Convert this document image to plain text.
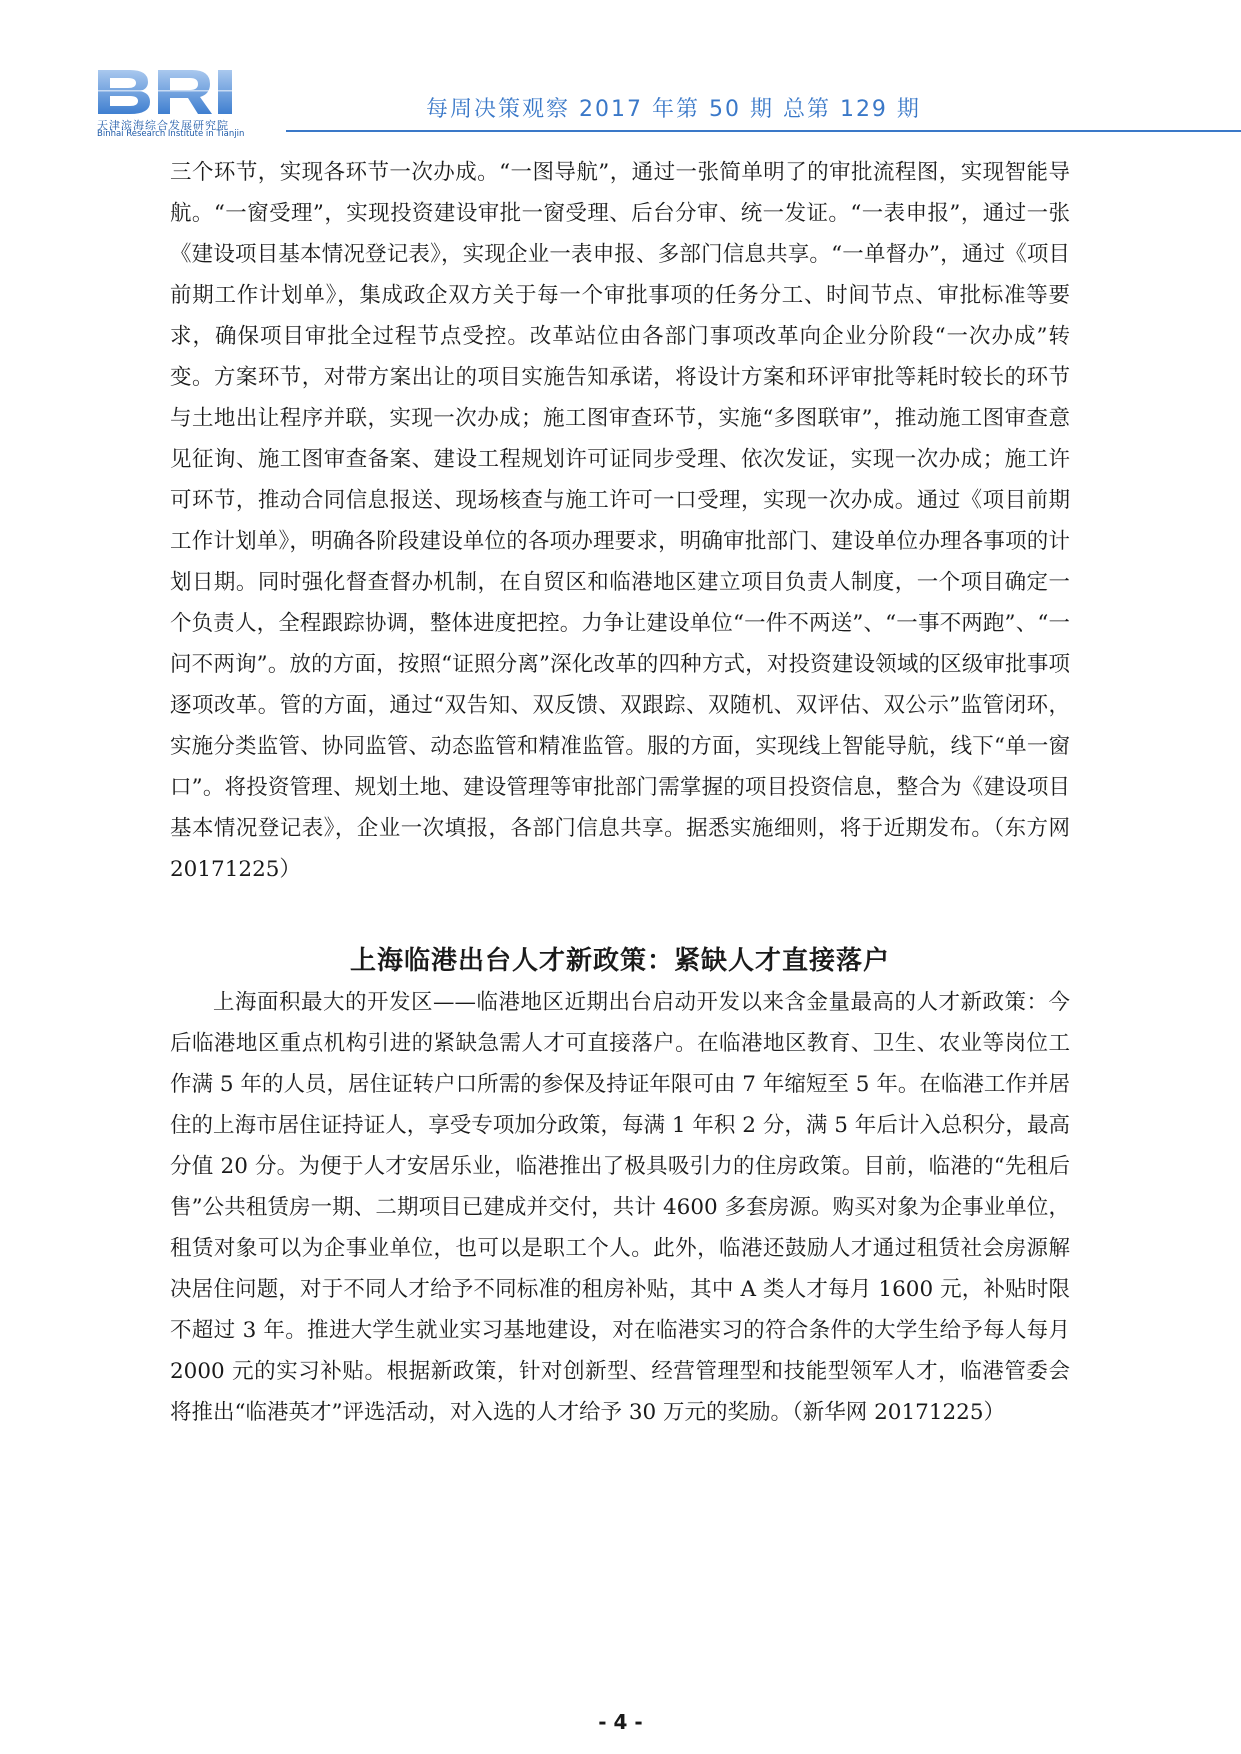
天津滨海综合发展研究院
Binhai Research Institute in Tianjin
每周决策观察 2017 年第 50 期 总第 129 期

三个环节，实现各环节一次办成。“一图导航”，通过一张简单明了的审批流程图，实现智能导航。“一窗受理”，实现投资建设审批一窗受理、后台分审、统一发证。“一表申报”，通过一张《建设项目基本情况登记表》，实现企业一表申报、多部门信息共享。“一单督办”，通过《项目前期工作计划单》，集成政企双方关于每一个审批事项的任务分工、时间节点、审批标准等要求，确保项目审批全过程节点受控。改革站位由各部门事项改革向企业分阶段“一次办成”转变。方案环节，对带方案出让的项目实施告知承诺，将设计方案和环评审批等耗时较长的环节与土地出让程序并联，实现一次办成；施工图审查环节，实施“多图联审”，推动施工图审查意见征询、施工图审查备案、建设工程规划许可证同步受理、依次发证，实现一次办成；施工许可环节，推动合同信息报送、现场核查与施工许可一口受理，实现一次办成。通过《项目前期工作计划单》，明确各阶段建设单位的各项办理要求，明确审批部门、建设单位办理各事项的计划日期。同时强化督查督办机制，在自贸区和临港地区建立项目负责人制度，一个项目确定一个负责人，全程跟踪协调，整体进度把控。力争让建设单位“一件不两送”、“一事不两跑”、“一问不两询”。放的方面，按照“证照分离”深化改革的四种方式，对投资建设领域的区级审批事项逐项改革。管的方面，通过“双告知、双反馈、双跟踪、双随机、双评估、双公示”监管闭环，实施分类监管、协同监管、动态监管和精准监管。服的方面，实现线上智能导航，线下“单一窗口”。将投资管理、规划土地、建设管理等审批部门需掌握的项目投资信息，整合为《建设项目基本情况登记表》，企业一次填报，各部门信息共享。据悉实施细则，将于近期发布。（东方网 20171225）

上海临港出台人才新政策：紧缺人才直接落户

上海面积最大的开发区——临港地区近期出台启动开发以来含金量最高的人才新政策：今后临港地区重点机构引进的紧缺急需人才可直接落户。在临港地区教育、卫生、农业等岗位工作满 5 年的人员，居住证转户口所需的参保及持证年限可由 7 年缩短至 5 年。在临港工作并居住的上海市居住证持证人，享受专项加分政策，每满 1 年积 2 分，满 5 年后计入总积分，最高分值 20 分。为便于人才安居乐业，临港推出了极具吸引力的住房政策。目前，临港的“先租后售”公共租赁房一期、二期项目已建成并交付，共计 4600 多套房源。购买对象为企事业单位，租赁对象可以为企事业单位，也可以是职工个人。此外，临港还鼓励人才通过租赁社会房源解决居住问题，对于不同人才给予不同标准的租房补贴，其中 A 类人才每月 1600 元，补贴时限不超过 3 年。推进大学生就业实习基地建设，对在临港实习的符合条件的大学生给予每人每月 2000 元的实习补贴。根据新政策，针对创新型、经营管理型和技能型领军人才，临港管委会将推出“临港英才”评选活动，对入选的人才给予 30 万元的奖励。（新华网 20171225）

- 4 -
